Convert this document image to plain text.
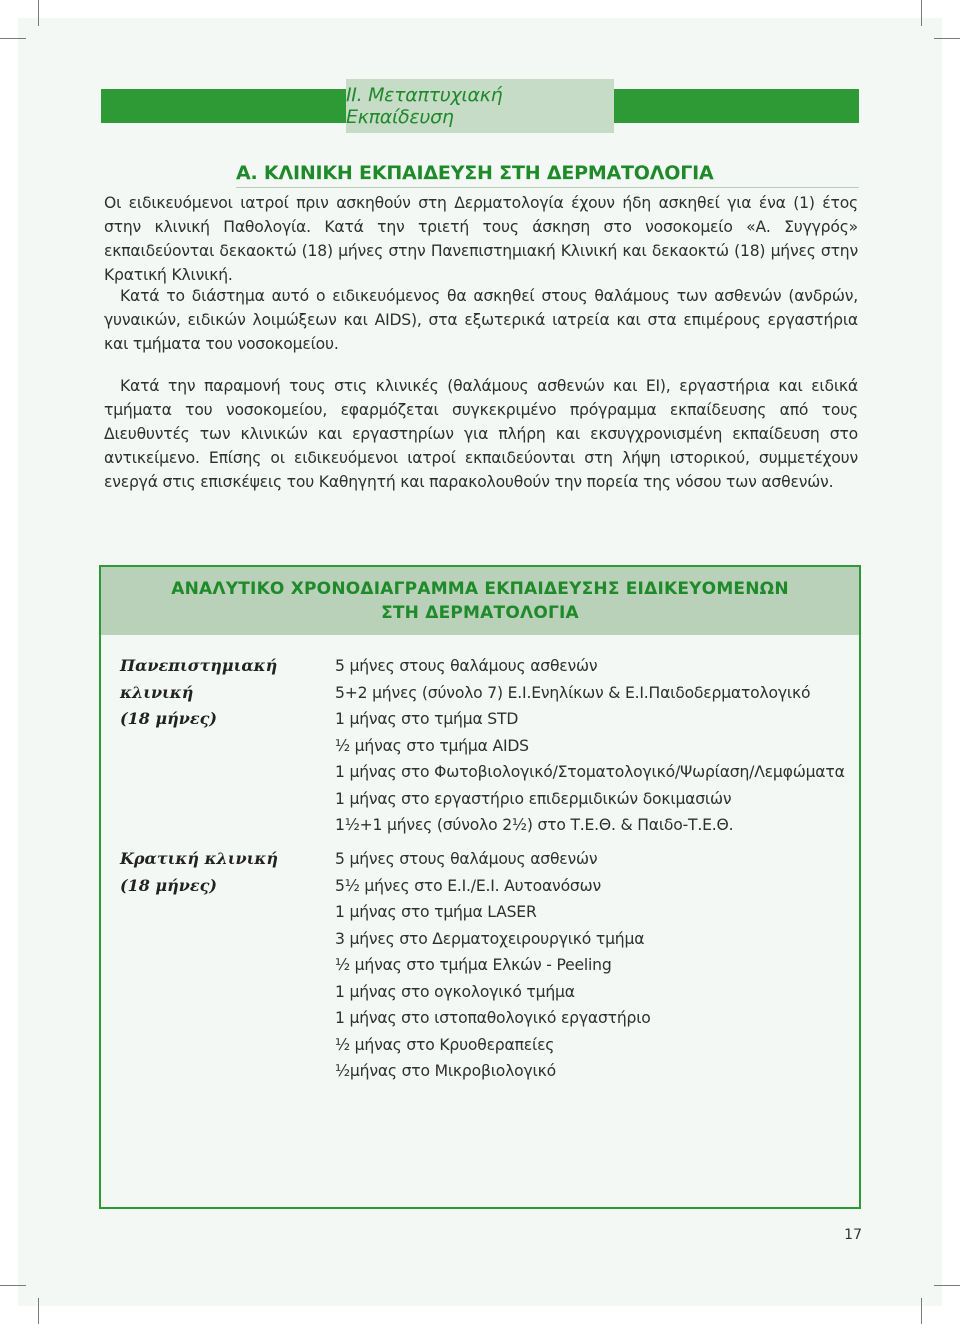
ΙΙ. Μεταπτυχιακή Εκπαίδευση
Α. ΚΛΙΝΙΚΗ ΕΚΠΑΙΔΕΥΣΗ ΣΤΗ ΔΕΡΜΑΤΟΛΟΓΙΑ
Οι ειδικευόμενοι ιατροί πριν ασκηθούν στη Δερματολογία έχουν ήδη ασκηθεί για ένα (1) έτος στην κλινική Παθολογία. Κατά την τριετή τους άσκηση στο νοσοκομείο «Α. Συγγρός» εκπαιδεύονται δεκαοκτώ (18) μήνες στην Πανεπιστημιακή Κλινική και δεκαοκτώ (18) μήνες στην Κρατική Κλινική.
Κατά το διάστημα αυτό ο ειδικευόμενος θα ασκηθεί στους θαλάμους των ασθενών (ανδρών, γυναικών, ειδικών λοιμώξεων και AIDS), στα εξωτερικά ιατρεία και στα επιμέρους εργαστήρια και τμήματα του νοσοκομείου.
Κατά την παραμονή τους στις κλινικές (θαλάμους ασθενών και ΕΙ), εργαστήρια και ειδικά τμήματα του νοσοκομείου, εφαρμόζεται συγκεκριμένο πρόγραμμα εκπαίδευσης από τους Διευθυντές των κλινικών και εργαστηρίων για πλήρη και εκσυγχρονισμένη εκπαίδευση στο αντικείμενο. Επίσης οι ειδικευόμενοι ιατροί εκπαιδεύονται στη λήψη ιστορικού, συμμετέχουν ενεργά στις επισκέψεις του Καθηγητή και παρακολουθούν την πορεία της νόσου των ασθενών.
ΑΝΑΛΥΤΙΚΟ ΧΡΟΝΟΔΙΑΓΡΑΜΜΑ ΕΚΠΑΙΔΕΥΣΗΣ ΕΙΔΙΚΕΥΟΜΕΝΩΝ
ΣΤΗ ΔΕΡΜΑΤΟΛΟΓΙΑ
Πανεπιστημιακή κλινική
(18 μήνες)
5 μήνες στους θαλάμους ασθενών
5+2 μήνες (σύνολο 7) Ε.Ι.Ενηλίκων & Ε.Ι.Παιδοδερματολογικό
1 μήνας στο τμήμα STD
½ μήνας στο τμήμα AIDS
1 μήνας στο Φωτοβιολογικό/Στοματολογικό/Ψωρίαση/Λεμφώματα
1 μήνας στο εργαστήριο επιδερμιδικών δοκιμασιών
1½+1 μήνες (σύνολο 2½) στο Τ.Ε.Θ. & Παιδο-Τ.Ε.Θ.
Κρατική κλινική
(18 μήνες)
5 μήνες στους θαλάμους ασθενών
5½ μήνες στο Ε.Ι./Ε.Ι. Αυτοανόσων
1 μήνας στο τμήμα LASER
3 μήνες στο Δερματοχειρουργικό τμήμα
½ μήνας στο τμήμα Ελκών - Peeling
1 μήνας στο ογκολογικό τμήμα
1 μήνας στο ιστοπαθολογικό εργαστήριο
½ μήνας στο Κρυοθεραπείες
½μήνας στο Μικροβιολογικό
17
